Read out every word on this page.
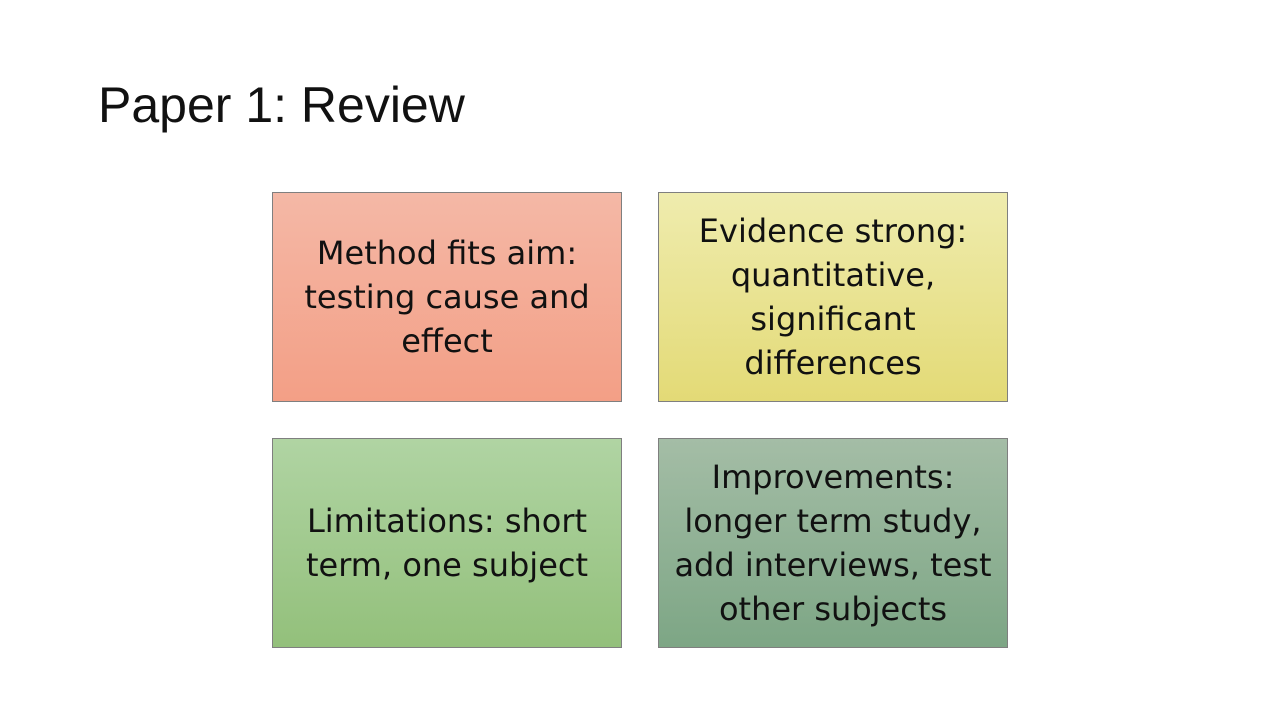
Paper 1: Review
Method fits aim: testing cause and effect
Evidence strong: quantitative, significant differences
Limitations: short term, one subject
Improvements: longer term study, add interviews, test other subjects
